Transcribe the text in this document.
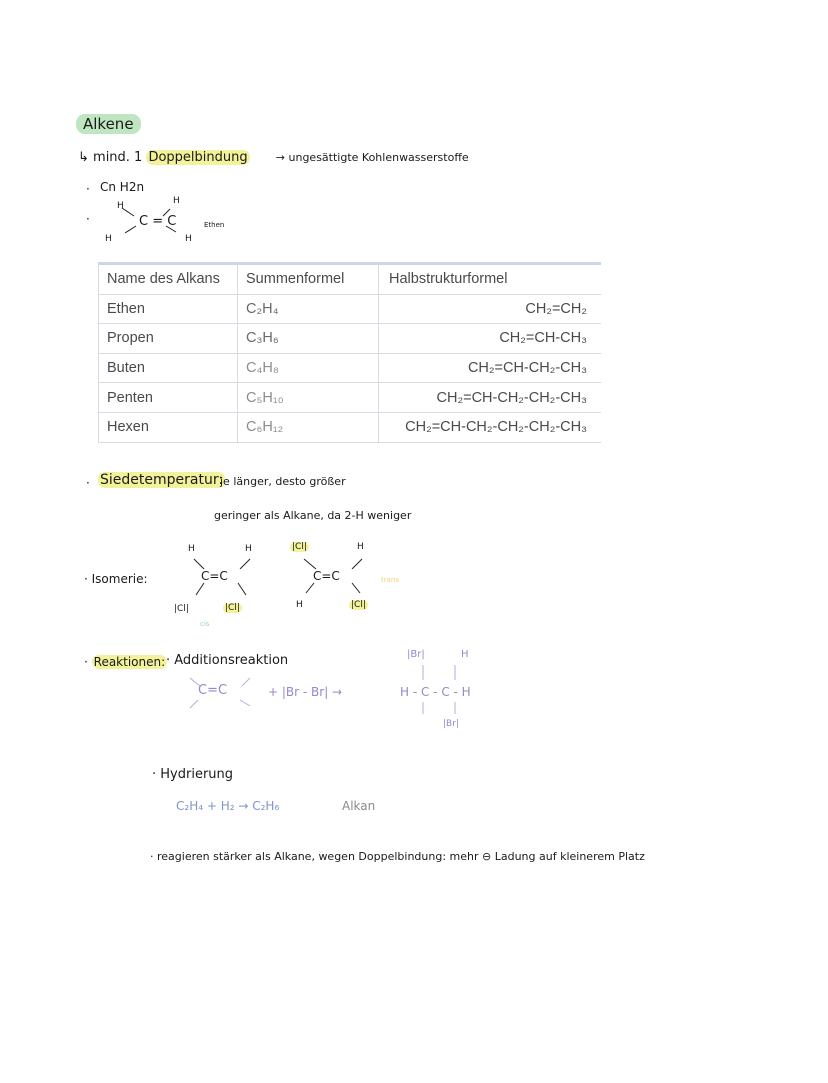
Alkene
↳ mind. 1 Doppelbindung	→ ungesättigte Kohlenwasserstoffe
· Cn H2n
·
H	H
C = C
H	H
Ethen
Name des Alkans	Summenformel	Halbstrukturformel
Ethen	C₂H₄	CH₂=CH₂
Propen	C₃H₆	CH₂=CH-CH₃
Buten	C₄H₈	CH₂=CH-CH₂-CH₃
Penten	C₅H₁₀	CH₂=CH-CH₂-CH₂-CH₃
Hexen	C₆H₁₂	CH₂=CH-CH₂-CH₂-CH₂-CH₃
· Siedetemperatur:
je länger, desto größer
geringer als Alkane, da 2-H weniger
· Isomerie:
H	H
C=C
|Cl|	|Cl|
cis
|Cl|	H
C=C
H	|Cl|
trans
· Reaktionen: · Additionsreaktion
C=C	+ |Br - Br| →
|Br|	H
H - C - C - H
|Br|
· Hydrierung
C₂H₄ + H₂ → C₂H₆	Alkan
· reagieren stärker als Alkane, wegen Doppelbindung: mehr ⊖ Ladung auf kleinerem Platz
